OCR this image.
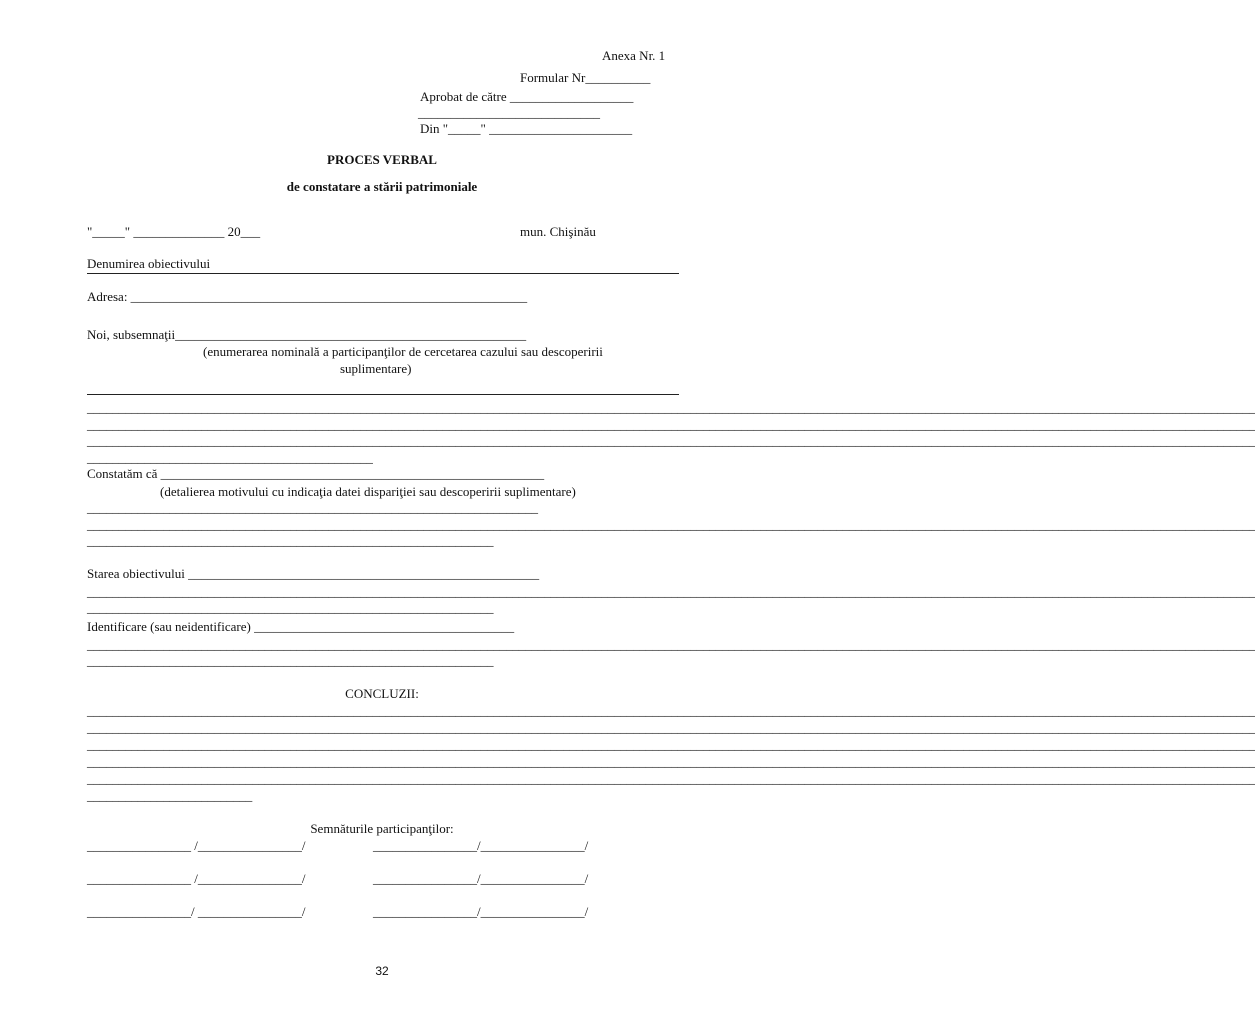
Anexa Nr. 1
Formular Nr__________
Aprobat de către ___________________
____________________________
Din "_____" ______________________
PROCES VERBAL
de constatare a stării patrimoniale
"_____" ______________ 20___	mun. Chişinău
Denumirea obiectivului
Adresa: _____________________________________________________________
Noi, subsemnaţii______________________________________________________
(enumerarea nominală a participanţilor de cercetarea cazului sau descoperirii
suplimentare)
________________________________________________________________________________________________________________________________________________________________________________________
________________________________________________________________________________________________________________________________________________________________________________________
________________________________________________________________________________________________________________________________________________________________________________________
_____________________________________________
Constatăm că ___________________________________________________________
(detalierea motivului cu indicaţia datei dispariţiei sau descoperirii suplimentare)
_______________________________________________________________________
________________________________________________________________________________________________________________________________________________________________________________________
________________________________________________________________
Starea obiectivului ______________________________________________________
________________________________________________________________________________________________________________________________________________________________________________________
________________________________________________________________
Identificare (sau neidentificare) ________________________________________
________________________________________________________________________________________________________________________________________________________________________________________
________________________________________________________________
CONCLUZII:
________________________________________________________________________________________________________________________________________________________________________________________
________________________________________________________________________________________________________________________________________________________________________________________
________________________________________________________________________________________________________________________________________________________________________________________
________________________________________________________________________________________________________________________________________________________________________________________
________________________________________________________________________________________________________________________________________________________________________________________
__________________________
Semnăturile participanţilor:
________________ /________________/	________________/________________/
________________ /________________/	________________/________________/
________________/ ________________/	________________/________________/
32
